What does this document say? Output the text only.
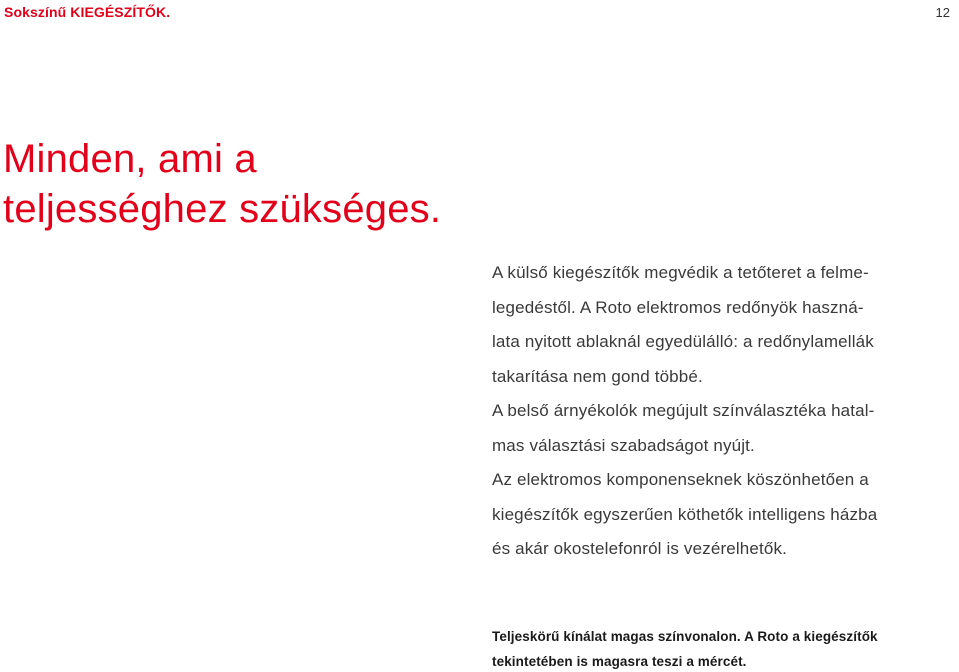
Sokszínű KIEGÉSZÍTŐK.	12
Minden, ami a
teljességhez szükséges.
A külső kiegészítők megvédik a tetőteret a felme-
legedéstől. A Roto elektromos redőnyök haszná-
lata nyitott ablaknál egyedülálló: a redőnylamellák
takarítása nem gond többé.
A belső árnyékolók megújult színválasztéka hatal-
mas választási szabadságot nyújt.
Az elektromos komponenseknek köszönhetően a
kiegészítők egyszerűen köthetők intelligens házba
és akár okostelefonról is vezérelhetők.
Teljeskörű kínálat magas színvonalon. A Roto a kiegészítők
tekintetében is magasra teszi a mércét.
